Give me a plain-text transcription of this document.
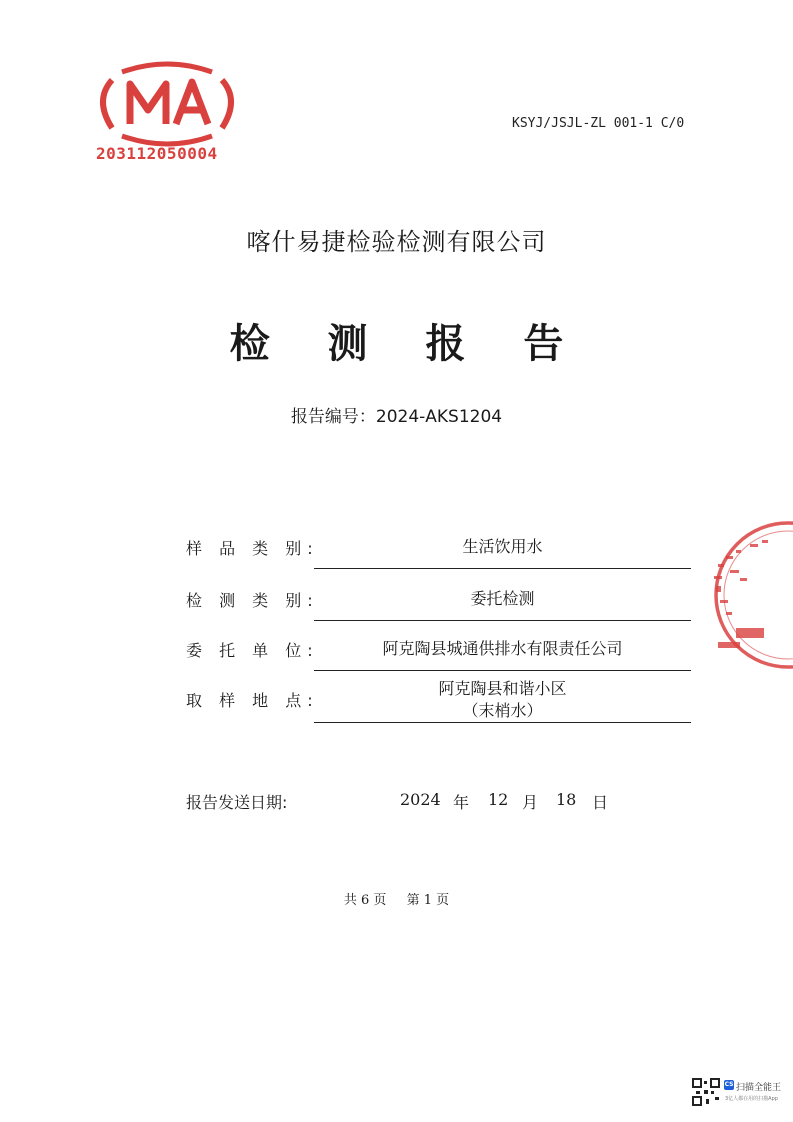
203112050004
KSYJ/JSJL-ZL 001-1 C/0
喀什易捷检验检测有限公司
检 测 报 告
报告编号：2024-AKS1204
样 品 类 别:	生活饮用水
检 测 类 别:	委托检测
委 托 单 位:	阿克陶县城通供排水有限责任公司
取 样 地 点:
阿克陶县和谐小区
（末梢水）
报告发送日期:	2024 年 12 月 18 日
共 6 页 第 1 页
CS 扫描全能王
3亿人都在用的扫描App
